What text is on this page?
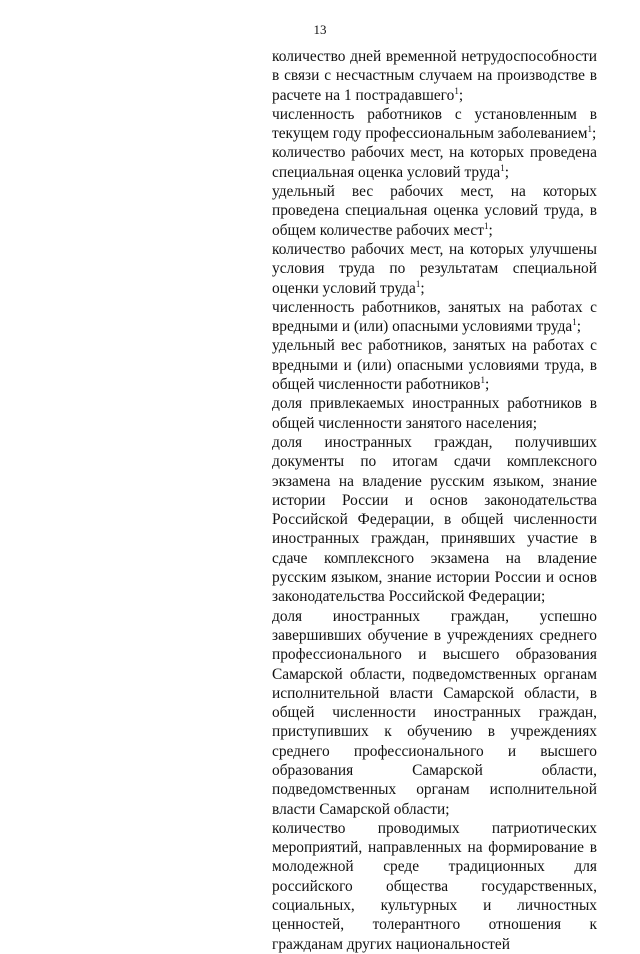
13

количество дней временной нетрудоспособности в связи с несчастным случаем на производстве в расчете на 1 пострадавшего$^1$;

численность работников с установленным в текущем году профессиональным заболеванием$^1$;

количество рабочих мест, на которых проведена специальная оценка условий труда$^1$;

удельный вес рабочих мест, на которых проведена специальная оценка условий труда, в общем количестве рабочих мест$^1$;

количество рабочих мест, на которых улучшены условия труда по результатам специальной оценки условий труда$^1$;

численность работников, занятых на работах с вредными и (или) опасными условиями труда$^1$;

удельный вес работников, занятых на работах с вредными и (или) опасными условиями труда, в общей численности работников$^1$;

доля привлекаемых иностранных работников в общей численности занятого населения;

доля иностранных граждан, получивших документы по итогам сдачи комплексного экзамена на владение русским языком, знание истории России и основ законодательства Российской Федерации, в общей численности иностранных граждан, принявших участие в сдаче комплексного экзамена на владение русским языком, знание истории России и основ законодательства Российской Федерации;

доля иностранных граждан, успешно завершивших обучение в учреждениях среднего профессионального и высшего образования Самарской области, подведомственных органам исполнительной власти Самарской области, в общей численности иностранных граждан, приступивших к обучению в учреждениях среднего профессионального и высшего образования Самарской области, подведомственных органам исполнительной власти Самарской области;

количество проводимых патриотических мероприятий, направленных на формирование в молодежной среде традиционных для российского общества государственных, социальных, культурных и личностных ценностей, толерантного отношения к гражданам других национальностей
